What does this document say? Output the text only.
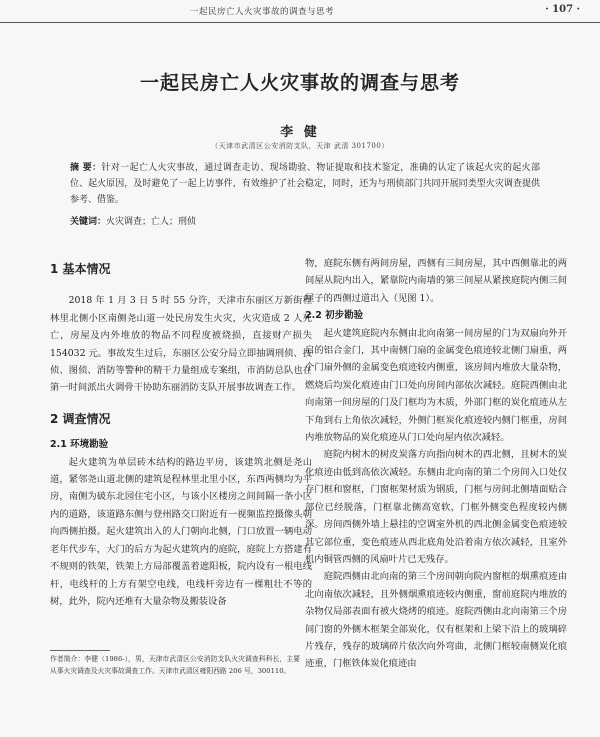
一起民房亡人火灾事故的调查与思考	· 107 ·
一起民房亡人火灾事故的调查与思考
李 健
（天津市武清区公安消防支队，天津 武清 301700）
摘 要：针对一起亡人火灾事故，通过调查走访、现场勘验、物证提取和技术鉴定，准确的认定了该起火灾的起火部位、起火原因，及时避免了一起上访事件，有效维护了社会稳定，同时，还为与刑侦部门共同开展同类型火灾调查提供参考、借鉴。
关键词：火灾调查；亡人；刑侦

1 基本情况

2018 年 1 月 3 日 5 时 55 分许，天津市东丽区万新街程林里北侧小区南侧尧山道一处民房发生火灾，火灾造成 2 人死亡，房屋及内外堆放的物品不同程度被烧损，直接财产损失 154032 元。事故发生过后，东丽区公安分局立即抽调刑侦、技侦、图侦、消防等警种的精干力量组成专案组，市消防总队也在第一时间派出火调骨干协助东丽消防支队开展事故调查工作。

2 调查情况

2.1 环境勘验

起火建筑为单层砖木结构的路边平房，该建筑北侧是尧山道，紧邻尧山道北侧的建筑是程林里北里小区，东西两侧均为平房，南侧为破东北园住宅小区，与该小区楼房之间间隔一条小区内的道路，该道路东侧与登州路交口附近有一视频监控摄像头朝向西侧拍摄。起火建筑出入的人门朝向北侧，门口放置一辆电动老年代步车，大门的后方为起火建筑内的庭院，庭院上方搭建有不规则的铁架，铁架上方局部覆盖着遮阳板，院内设有一根电线杆，电线杆的上方有架空电线，电线杆旁边有一棵粗壮不等的树，此外，院内还堆有大量杂物及搬装设备

物，庭院东侧有两间房屋，西侧有三间房屋，其中西侧靠北的两间屋从院内出入，紧靠院内南墙的第三间屋从紧挨庭院内侧三间屋子的西侧过道出入（见图 1）。

2.2 初步勘验

起火建筑庭院内东侧由北向南第一间房屋的门为双扇向外开启的铝合金门，其中南侧门扇的金属变色痕迹较北侧门扇重，两个门扇外侧的金属变色痕迹较内侧重，该房间内堆放大量杂物，燃烧后均炭化痕迹由门口处向房间内部依次减轻。庭院西侧由北向南第一间房屋的门及门框均为木质，外部门框的炭化痕迹从左下角到右上角依次减轻，外侧门框炭化痕迹较内侧门框重，房间内堆放物品的炭化痕迹从门口处向屋内依次减轻。

庭院内树木的树皮炭落方向指向树木的西北侧，且树木的炭化痕迹由低到高依次减轻。东侧由北向南的第二个房间入口处仅存门框和窗框，门窗框架材质为钢质，门框与房间北侧墙面贴合部位已经脱落，门框靠北侧高宽软，门框外侧变色程度较内侧深。房间西侧外墙上悬挂的空调室外机的西北侧金属变色痕迹较其它部位重，变色痕迹从西北底角处沿着南方依次减轻，且室外机内铜管西侧的风扇叶片已无残存。

庭院西侧由北向南的第三个房间朝向院内窗框的烟熏痕迹由北向南依次减轻，且外侧烟熏痕迹较内侧重，窗前庭院内堆放的杂物仅局部表面有被火烧烤的痕迹。庭院西侧由北向南第三个房间门窗的外侧木框架全部炭化，仅有框架和上梁下沿上的玻璃碎片残存，残存的玻璃碎片依次向外弯曲，北侧门框较南侧炭化痕迹重，门框铁体炭化痕迹由

作者简介：李健（1986-），男，天津市武清区公安消防支队火灾调查科科长，主要从事火灾调查及火灾事故调查工作。天津市武清区雍阳西路 206 号，300110。
